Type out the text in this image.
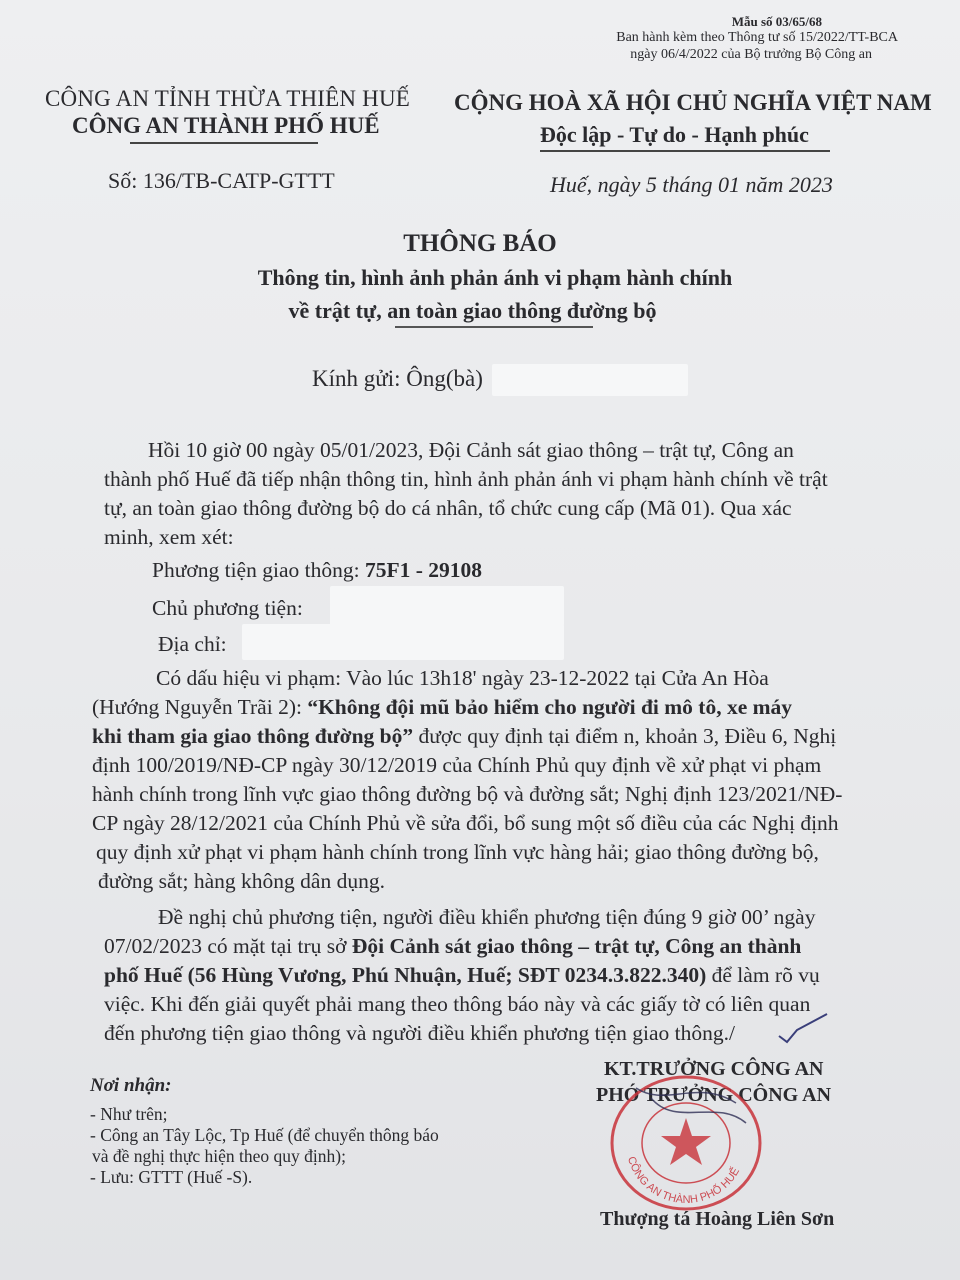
Mẫu số 03/65/68
Ban hành kèm theo Thông tư số 15/2022/TT-BCA
ngày 06/4/2022 của Bộ trưởng Bộ Công an
CÔNG AN TỈNH THỪA THIÊN HUẾ
CÔNG AN THÀNH PHỐ HUẾ
CỘNG HOÀ XÃ HỘI CHỦ NGHĨA VIỆT NAM
Độc lập - Tự do - Hạnh phúc
Số: 136/TB-CATP-GTTT	Huế, ngày 5 tháng 01 năm 2023
THÔNG BÁO
Thông tin, hình ảnh phản ánh vi phạm hành chính
về trật tự, an toàn giao thông đường bộ
Kính gửi: Ông(bà)
Hồi 10 giờ 00 ngày 05/01/2023, Đội Cảnh sát giao thông – trật tự, Công an
thành phố Huế đã tiếp nhận thông tin, hình ảnh phản ánh vi phạm hành chính về trật
tự, an toàn giao thông đường bộ do cá nhân, tổ chức cung cấp (Mã 01). Qua xác
minh, xem xét:
Phương tiện giao thông: 75F1 - 29108
Chủ phương tiện:
Địa chỉ:
Có dấu hiệu vi phạm: Vào lúc 13h18' ngày 23-12-2022 tại Cửa An Hòa
(Hướng Nguyễn Trãi 2): “Không đội mũ bảo hiểm cho người đi mô tô, xe máy
khi tham gia giao thông đường bộ” được quy định tại điểm n, khoản 3, Điều 6, Nghị
định 100/2019/NĐ-CP ngày 30/12/2019 của Chính Phủ quy định về xử phạt vi phạm
hành chính trong lĩnh vực giao thông đường bộ và đường sắt; Nghị định 123/2021/NĐ-
CP ngày 28/12/2021 của Chính Phủ về sửa đổi, bổ sung một số điều của các Nghị định
quy định xử phạt vi phạm hành chính trong lĩnh vực hàng hải; giao thông đường bộ,
đường sắt; hàng không dân dụng.
Đề nghị chủ phương tiện, người điều khiển phương tiện đúng 9 giờ 00’ ngày
07/02/2023 có mặt tại trụ sở Đội Cảnh sát giao thông – trật tự, Công an thành
phố Huế (56 Hùng Vương, Phú Nhuận, Huế; SĐT 0234.3.822.340) để làm rõ vụ
việc. Khi đến giải quyết phải mang theo thông báo này và các giấy tờ có liên quan
đến phương tiện giao thông và người điều khiển phương tiện giao thông./
Nơi nhận:
- Như trên;
- Công an Tây Lộc, Tp Huế (để chuyển thông báo
và đề nghị thực hiện theo quy định);
- Lưu: GTTT (Huế -S).
KT.TRƯỞNG CÔNG AN
PHÓ TRƯỞNG CÔNG AN
CÔNG AN THÀNH PHỐ HUẾ
Thượng tá Hoàng Liên Sơn
